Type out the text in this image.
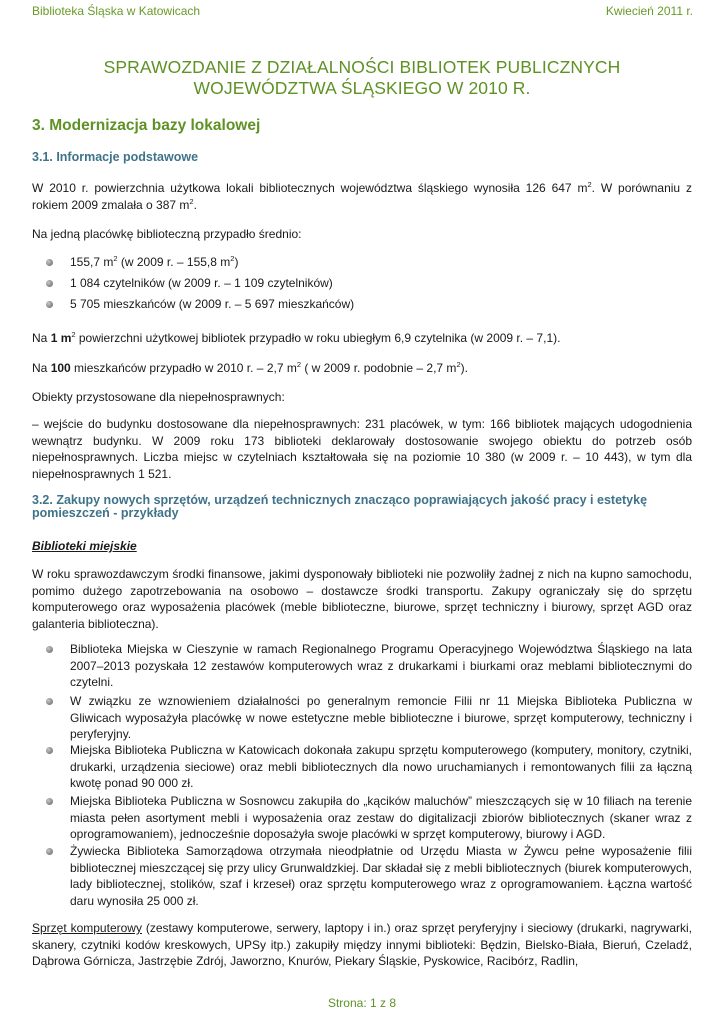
Biblioteka Śląska w Katowicach	Kwiecień 2011 r.
SPRAWOZDANIE Z DZIAŁALNOŚCI BIBLIOTEK PUBLICZNYCH
WOJEWÓDZTWA ŚLĄSKIEGO W 2010 R.
3. Modernizacja bazy lokalowej
3.1. Informacje podstawowe

W 2010 r. powierzchnia użytkowa lokali bibliotecznych województwa śląskiego wynosiła 126 647 $m^2$. W porównaniu z rokiem 2009 zmalała o 387 $m^2$.

Na jedną placówkę biblioteczną przypadło średnio:

155,7 $m^2$ (w 2009 r. – 155,8 $m^2$)

1 084 czytelników (w 2009 r. – 1 109 czytelników)

5 705 mieszkańców (w 2009 r. – 5 697 mieszkańców)

Na 1 $m^2$ powierzchni użytkowej bibliotek przypadło w roku ubiegłym 6,9 czytelnika (w 2009 r. – 7,1).

Na 100 mieszkańców przypadło w 2010 r. – 2,7 $m^2$ ( w 2009 r. podobnie – 2,7 $m^2$).

Obiekty przystosowane dla niepełnosprawnych:

– wejście do budynku dostosowane dla niepełnosprawnych: 231 placówek, w tym: 166 bibliotek mających udogodnienia wewnątrz budynku. W 2009 roku 173 biblioteki deklarowały dostosowanie swojego obiektu do potrzeb osób niepełnosprawnych. Liczba miejsc w czytelniach kształtowała się na poziomie 10 380 (w 2009 r. – 10 443), w tym dla niepełnosprawnych 1 521.

3.2. Zakupy nowych sprzętów, urządzeń technicznych znacząco poprawiających jakość pracy i estetykę pomieszczeń - przykłady

Biblioteki miejskie

W roku sprawozdawczym środki finansowe, jakimi dysponowały biblioteki nie pozwoliły żadnej z nich na kupno samochodu, pomimo dużego zapotrzebowania na osobowo – dostawcze środki transportu. Zakupy ograniczały się do sprzętu komputerowego oraz wyposażenia placówek (meble biblioteczne, biurowe, sprzęt techniczny i biurowy, sprzęt AGD oraz galanteria biblioteczna).

Biblioteka Miejska w Cieszynie w ramach Regionalnego Programu Operacyjnego Województwa Śląskiego na lata 2007–2013 pozyskała 12 zestawów komputerowych wraz z drukarkami i biurkami oraz meblami bibliotecznymi do czytelni.

W związku ze wznowieniem działalności po generalnym remoncie Filii nr 11 Miejska Biblioteka Publiczna w Gliwicach wyposażyła placówkę w nowe estetyczne meble biblioteczne i biurowe, sprzęt komputerowy, techniczny i peryferyjny.

Miejska Biblioteka Publiczna w Katowicach dokonała zakupu sprzętu komputerowego (komputery, monitory, czytniki, drukarki, urządzenia sieciowe) oraz mebli bibliotecznych dla nowo uruchamianych i remontowanych filii za łączną kwotę ponad 90 000 zł.

Miejska Biblioteka Publiczna w Sosnowcu zakupiła do „kącików maluchów” mieszczących się w 10 filiach na terenie miasta pełen asortyment mebli i wyposażenia oraz zestaw do digitalizacji zbiorów bibliotecznych (skaner wraz z oprogramowaniem), jednocześnie doposażyła swoje placówki w sprzęt komputerowy, biurowy i AGD.

Żywiecka Biblioteka Samorządowa otrzymała nieodpłatnie od Urzędu Miasta w Żywcu pełne wyposażenie filii bibliotecznej mieszczącej się przy ulicy Grunwaldzkiej. Dar składał się z mebli bibliotecznych (biurek komputerowych, lady bibliotecznej, stolików, szaf i krzeseł) oraz sprzętu komputerowego wraz z oprogramowaniem. Łączna wartość daru wynosiła 25 000 zł.

Sprzęt komputerowy (zestawy komputerowe, serwery, laptopy i in.) oraz sprzęt peryferyjny i sieciowy (drukarki, nagrywarki, skanery, czytniki kodów kreskowych, UPSy itp.) zakupiły między innymi biblioteki: Będzin, Bielsko-Biała, Bieruń, Czeladź, Dąbrowa Górnicza, Jastrzębie Zdrój, Jaworzno, Knurów, Piekary Śląskie, Pyskowice, Racibórz, Radlin,

Strona: 1 z 8
